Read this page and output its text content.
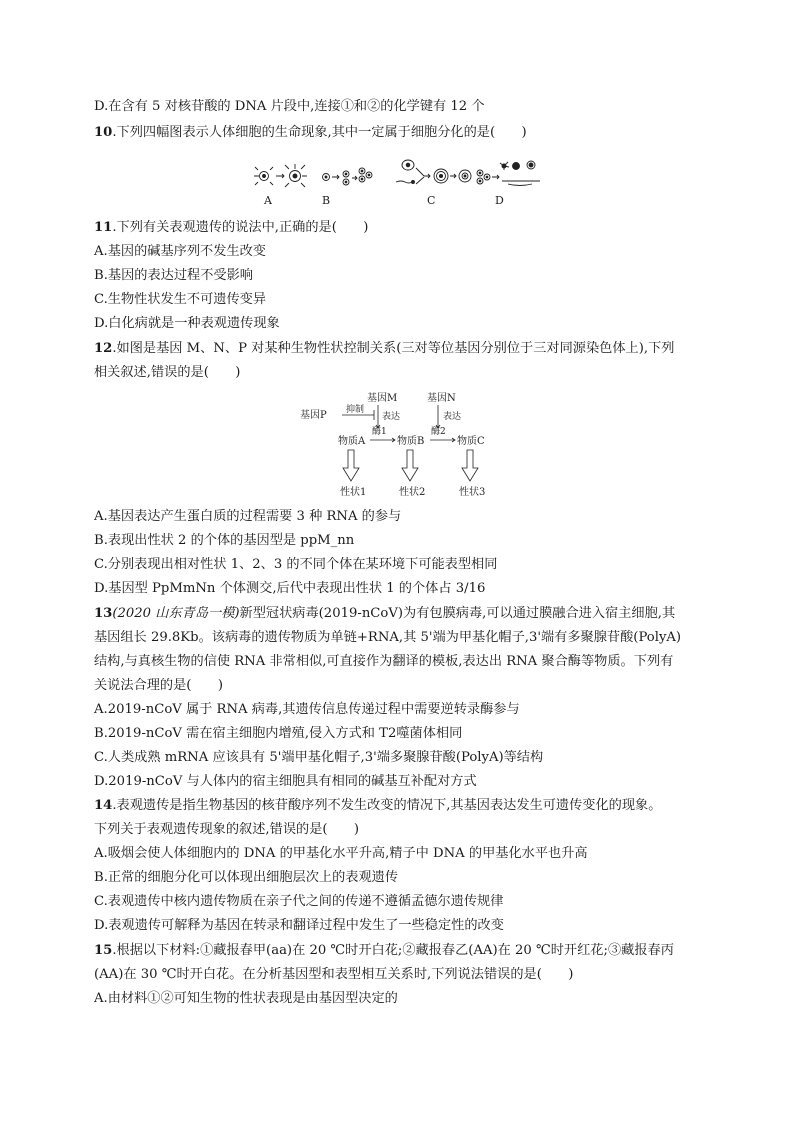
D.在含有 5 对核苷酸的 DNA 片段中,连接①和②的化学键有 12 个
10.下列四幅图表示人体细胞的生命现象,其中一定属于细胞分化的是(　　)
A	B	C	D
11.下列有关表观遗传的说法中,正确的是(　　)
A.基因的碱基序列不发生改变
B.基因的表达过程不受影响
C.生物性状发生不可遗传变异
D.白化病就是一种表观遗传现象
12.如图是基因 M、N、P 对某种生物性状控制关系(三对等位基因分别位于三对同源染色体上),下列
相关叙述,错误的是(　　)
基因M	基因N
基因P 抑制
表达	表达
酶1	酶2
物质A	物质B	物质C
性状1	性状2	性状3
A.基因表达产生蛋白质的过程需要 3 种 RNA 的参与
B.表现出性状 2 的个体的基因型是 ppM_nn
C.分别表现出相对性状 1、2、3 的不同个体在某环境下可能表型相同
D.基因型 PpMmNn 个体测交,后代中表现出性状 1 的个体占 3/16
13(2020 山东青岛一模)新型冠状病毒(2019-nCoV)为有包膜病毒,可以通过膜融合进入宿主细胞,其
基因组长 29.8Kb。该病毒的遗传物质为单链+RNA,其 5'端为甲基化帽子,3'端有多聚腺苷酸(PolyA)
结构,与真核生物的信使 RNA 非常相似,可直接作为翻译的模板,表达出 RNA 聚合酶等物质。下列有
关说法合理的是(　　)
A.2019-nCoV 属于 RNA 病毒,其遗传信息传递过程中需要逆转录酶参与
B.2019-nCoV 需在宿主细胞内增殖,侵入方式和 T2噬菌体相同
C.人类成熟 mRNA 应该具有 5'端甲基化帽子,3'端多聚腺苷酸(PolyA)等结构
D.2019-nCoV 与人体内的宿主细胞具有相同的碱基互补配对方式
14.表观遗传是指生物基因的核苷酸序列不发生改变的情况下,其基因表达发生可遗传变化的现象。
下列关于表观遗传现象的叙述,错误的是(　　)
A.吸烟会使人体细胞内的 DNA 的甲基化水平升高,精子中 DNA 的甲基化水平也升高
B.正常的细胞分化可以体现出细胞层次上的表观遗传
C.表观遗传中核内遗传物质在亲子代之间的传递不遵循孟德尔遗传规律
D.表观遗传可解释为基因在转录和翻译过程中发生了一些稳定性的改变
15.根据以下材料:①藏报春甲(aa)在 20 ℃时开白花;②藏报春乙(AA)在 20 ℃时开红花;③藏报春丙
(AA)在 30 ℃时开白花。在分析基因型和表型相互关系时,下列说法错误的是(　　)
A.由材料①②可知生物的性状表现是由基因型决定的
